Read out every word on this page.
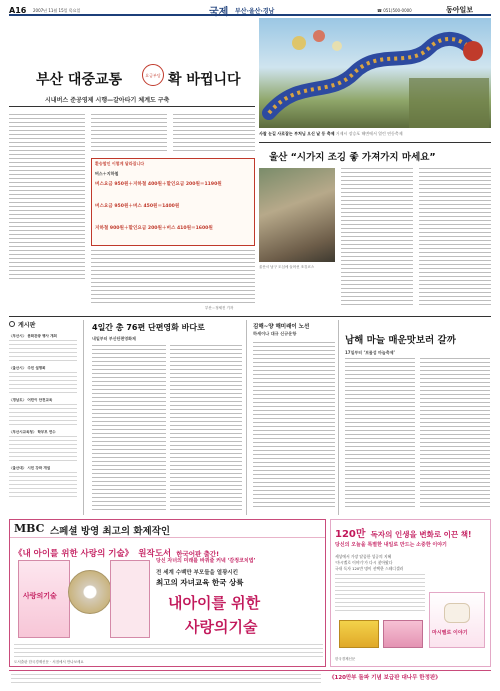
A16 2007년 11월 15일 목요일	국제 부산·울산·경남	☎ 051)500-0000	동아일보
부산 대중교통	요금부담 확 바뀝니다
시내버스 준공영제 시행—갈아타기 체계도 구축
환승할인 이렇게 달라집니다
버스＋지하철
버스요금 950원＋지하철 400원＋할인요금 200원＝1190원
버스요금 950원＋버스 450원＝1400원
지하철 900원＋할인요금 200원＋버스 410원＝1600원
부산＝정세진 기자
사찰 눈길 사로잡는 부처님 오신 날 등 축제 거제시 장승포 해변에서 열린 연등축제
울산 “시가지 조깅 좋 가져가지 마세요”
울산시 남구 도심에 들어선 조깅코스
게시판
〈부산시〉 문화관광 행사 개최
〈울산시〉 주민 설명회
〈경남도〉 어린이 안전교육
〈부산시교육청〉 학부모 연수
〈울산대〉 시민 강좌 개설
4일간 총 76편 단편영화 바다로
내일부터 부산단편영화제
김해~양 해미래이 노선
하세이나 대규 신규운항
남해 마늘 매운맛보러 갈까
17일부터 ‘보물섬 마늘축제’
MBC 스페셜 방영 최고의 화제작인
《내 아이를 위한 사랑의 기술》 원작도서 한국어판 출간!
사랑의기술
당신 자녀의 미래를 바꿔줄 커넥 ‘감정코치법’
전 세계 수백만 부모들을 열광시킨
최고의 자녀교육 한국 상륙
내아이를 위한
사랑의기술
도서출판 한국경제신문 · 서점에서 만나보세요
120만 독자의 인생을 변화로 이끈 책!
당신의 오늘을 특별한 내일로 만드는 소중한 이야기
세상에서 가장 달콤한 성공의 지혜
‘마시멜로 이야기’가 다시 찾아왔다
국내 독자 120만 명이 선택한 스테디셀러
마시멜로 이야기
한국경제신문
《120만부 돌파 기념 보급판 대나무 한정판》
